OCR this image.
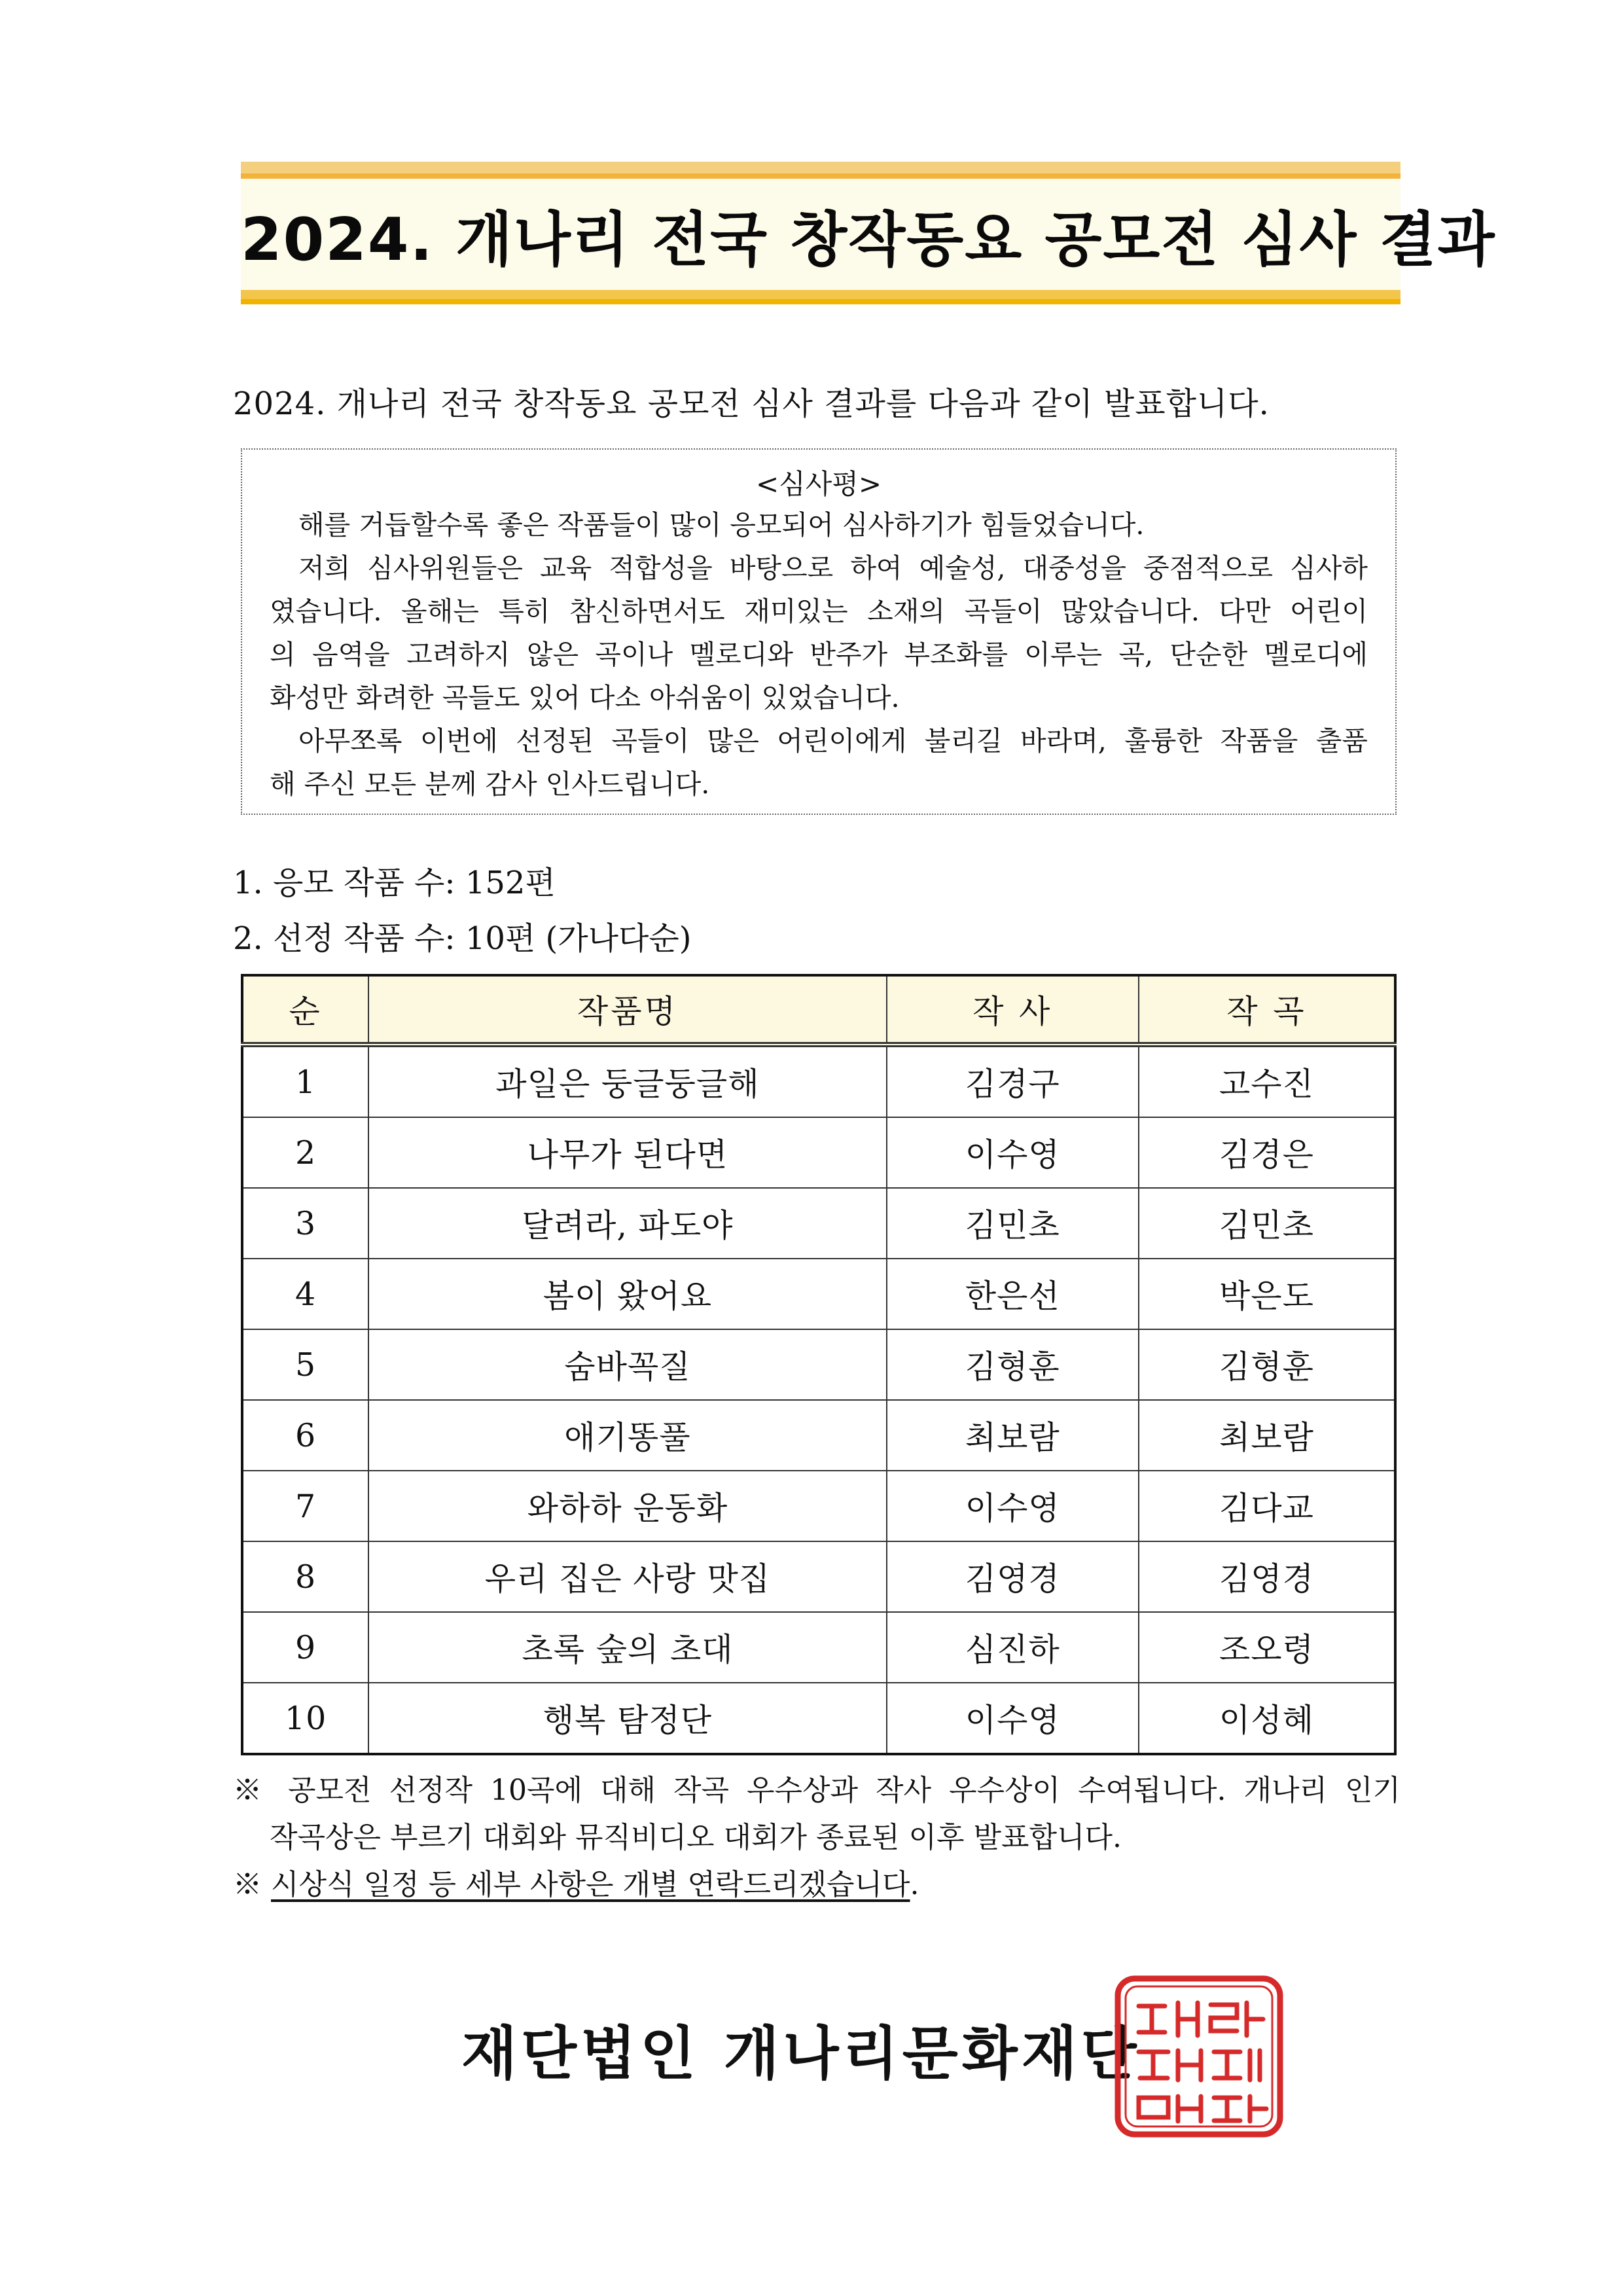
2024. 개나리 전국 창작동요 공모전 심사 결과
2024. 개나리 전국 창작동요 공모전 심사 결과를 다음과 같이 발표합니다.
<심사평>
해를 거듭할수록 좋은 작품들이 많이 응모되어 심사하기가 힘들었습니다.
저희 심사위원들은 교육 적합성을 바탕으로 하여 예술성, 대중성을 중점적으로 심사하
였습니다. 올해는 특히 참신하면서도 재미있는 소재의 곡들이 많았습니다. 다만 어린이
의 음역을 고려하지 않은 곡이나 멜로디와 반주가 부조화를 이루는 곡, 단순한 멜로디에
화성만 화려한 곡들도 있어 다소 아쉬움이 있었습니다.
아무쪼록 이번에 선정된 곡들이 많은 어린이에게 불리길 바라며, 훌륭한 작품을 출품
해 주신 모든 분께 감사 인사드립니다.
1. 응모 작품 수: 152편
2. 선정 작품 수: 10편 (가나다순)
순	작품명	작 사	작 곡
1	과일은 둥글둥글해	김경구	고수진
2	나무가 된다면	이수영	김경은
3	달려라, 파도야	김민초	김민초
4	봄이 왔어요	한은선	박은도
5	숨바꼭질	김형훈	김형훈
6	애기똥풀	최보람	최보람
7	와하하 운동화	이수영	김다교
8	우리 집은 사랑 맛집	김영경	김영경
9	초록 숲의 초대	심진하	조오령
10	행복 탐정단	이수영	이성혜
※ 공모전 선정작 10곡에 대해 작곡 우수상과 작사 우수상이 수여됩니다. 개나리 인기
작곡상은 부르기 대회와 뮤직비디오 대회가 종료된 이후 발표합니다.
※ 시상식 일정 등 세부 사항은 개별 연락드리겠습니다.
재단법인 개나리문화재단
